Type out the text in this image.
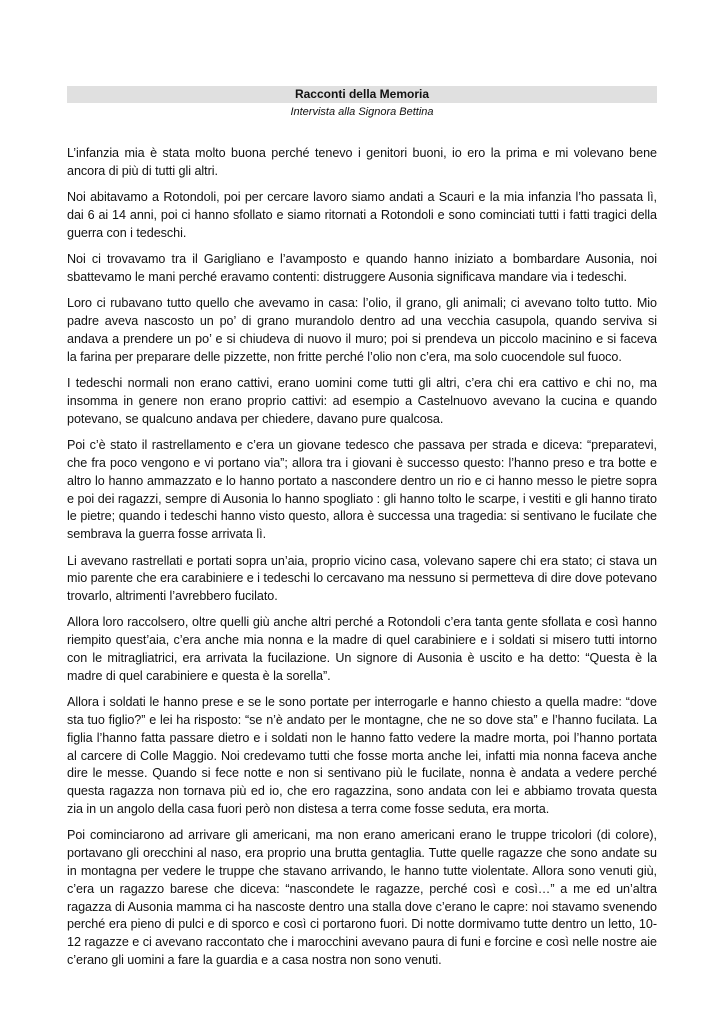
Racconti della Memoria
Intervista alla Signora Bettina

L’infanzia mia è stata molto buona perché tenevo i genitori buoni, io ero la prima e mi volevano bene ancora di più di tutti gli altri.

Noi abitavamo a Rotondoli, poi per cercare lavoro siamo andati a Scauri e la mia infanzia l’ho passata lì, dai 6 ai 14 anni, poi ci hanno sfollato e siamo ritornati a Rotondoli e sono cominciati tutti i fatti tragici della guerra con i tedeschi.

Noi ci trovavamo tra il Garigliano e l’avamposto e quando hanno iniziato a bombardare Ausonia, noi sbattevamo le mani perché eravamo contenti: distruggere Ausonia significava mandare via i tedeschi.

Loro ci rubavano tutto quello che avevamo in casa: l’olio, il grano, gli animali; ci avevano tolto tutto. Mio padre aveva nascosto un po’ di grano murandolo dentro ad una vecchia casupola, quando serviva si andava a prendere un po’ e si chiudeva di nuovo il muro; poi si prendeva un piccolo macinino e si faceva la farina per preparare delle pizzette, non fritte perché l’olio non c’era, ma solo cuocendole sul fuoco.

I tedeschi normali non erano cattivi, erano uomini come tutti gli altri, c’era chi era cattivo e chi no, ma insomma in genere non erano proprio cattivi: ad esempio a Castelnuovo avevano la cucina e quando potevano, se qualcuno andava per chiedere, davano pure qualcosa.

Poi c’è stato il rastrellamento e c’era un giovane tedesco che passava per strada e diceva: “preparatevi, che fra poco vengono e vi portano via”; allora tra i giovani è successo questo: l’hanno preso e tra botte e altro lo hanno ammazzato e lo hanno portato a nascondere dentro un rio e ci hanno messo le pietre sopra e poi dei ragazzi, sempre di Ausonia lo hanno spogliato : gli hanno tolto le scarpe, i vestiti e gli hanno tirato le pietre; quando i tedeschi hanno visto questo, allora è successa una tragedia: si sentivano le fucilate che sembrava la guerra fosse arrivata lì.

Li avevano rastrellati e portati sopra un’aia, proprio vicino casa, volevano sapere chi era stato; ci stava un mio parente che era carabiniere e i tedeschi lo cercavano ma nessuno si permetteva di dire dove potevano trovarlo, altrimenti l’avrebbero fucilato.

Allora loro raccolsero, oltre quelli giù anche altri perché a Rotondoli c’era tanta gente sfollata e così hanno riempito quest’aia, c’era anche mia nonna e la madre di quel carabiniere e i soldati si misero tutti intorno con le mitragliatrici, era arrivata la fucilazione. Un signore di Ausonia è uscito e ha detto: “Questa è la madre di quel carabiniere e questa è la sorella”.

Allora i soldati le hanno prese e se le sono portate per interrogarle e hanno chiesto a quella madre: “dove sta tuo figlio?” e lei ha risposto: “se n’è andato per le montagne, che ne so dove sta” e l’hanno fucilata. La figlia l’hanno fatta passare dietro e i soldati non le hanno fatto vedere la madre morta, poi l’hanno portata al carcere di Colle Maggio. Noi credevamo tutti che fosse morta anche lei, infatti mia nonna faceva anche dire le messe. Quando si fece notte e non si sentivano più le fucilate, nonna è andata a vedere perché questa ragazza non tornava più ed io, che ero ragazzina, sono andata con lei e abbiamo trovata questa zia in un angolo della casa fuori però non distesa a terra come fosse seduta, era morta.

Poi cominciarono ad arrivare gli americani, ma non erano americani erano le truppe tricolori (di colore), portavano gli orecchini al naso, era proprio una brutta gentaglia. Tutte quelle ragazze che sono andate su in montagna per vedere le truppe che stavano arrivando, le hanno tutte violentate. Allora sono venuti giù, c’era un ragazzo barese che diceva: “nascondete le ragazze, perché così e così…” a me ed un’altra ragazza di Ausonia mamma ci ha nascoste dentro una stalla dove c’erano le capre: noi stavamo svenendo perché era pieno di pulci e di sporco e così ci portarono fuori. Di notte dormivamo tutte dentro un letto, 10-12 ragazze e ci avevano raccontato che i marocchini avevano paura di funi e forcine e così nelle nostre aie c’erano gli uomini a fare la guardia e a casa nostra non sono venuti.
